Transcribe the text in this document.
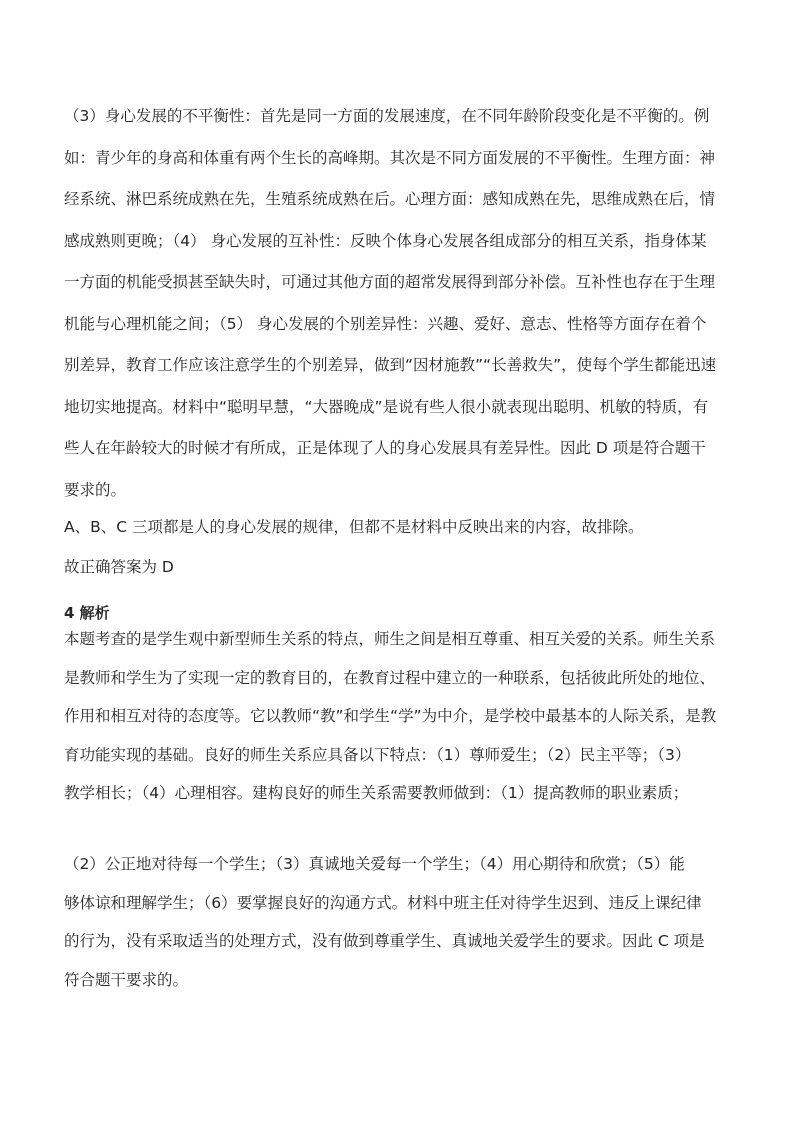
（3）身心发展的不平衡性：首先是同一方面的发展速度，在不同年龄阶段变化是不平衡的。例
如：青少年的身高和体重有两个生长的高峰期。其次是不同方面发展的不平衡性。生理方面：神
经系统、淋巴系统成熟在先，生殖系统成熟在后。心理方面：感知成熟在先，思维成熟在后，情
感成熟则更晚；（4） 身心发展的互补性：反映个体身心发展各组成部分的相互关系，指身体某
一方面的机能受损甚至缺失时，可通过其他方面的超常发展得到部分补偿。互补性也存在于生理
机能与心理机能之间；（5） 身心发展的个别差异性：兴趣、爱好、意志、性格等方面存在着个
别差异，教育工作应该注意学生的个别差异，做到“因材施教”“长善救失”，使每个学生都能迅速
地切实地提高。材料中“聪明早慧，“大器晚成”是说有些人很小就表现出聪明、机敏的特质，有
些人在年龄较大的时候才有所成，正是体现了人的身心发展具有差异性。因此 D 项是符合题干
要求的。

A、B、C 三项都是人的身心发展的规律，但都不是材料中反映出来的内容，故排除。

故正确答案为 D

4 解析

本题考查的是学生观中新型师生关系的特点，师生之间是相互尊重、相互关爱的关系。师生关系
是教师和学生为了实现一定的教育目的，在教育过程中建立的一种联系，包括彼此所处的地位、
作用和相互对待的态度等。它以教师“教”和学生“学”为中介，是学校中最基本的人际关系，是教
育功能实现的基础。良好的师生关系应具备以下特点：（1）尊师爱生；（2）民主平等；（3）
教学相长；（4）心理相容。建构良好的师生关系需要教师做到：（1）提高教师的职业素质；
（2）公正地对待每一个学生；（3）真诚地关爱每一个学生；（4）用心期待和欣赏；（5）能
够体谅和理解学生；（6）要掌握良好的沟通方式。材料中班主任对待学生迟到、违反上课纪律
的行为，没有采取适当的处理方式，没有做到尊重学生、真诚地关爱学生的要求。因此 C 项是
符合题干要求的。
